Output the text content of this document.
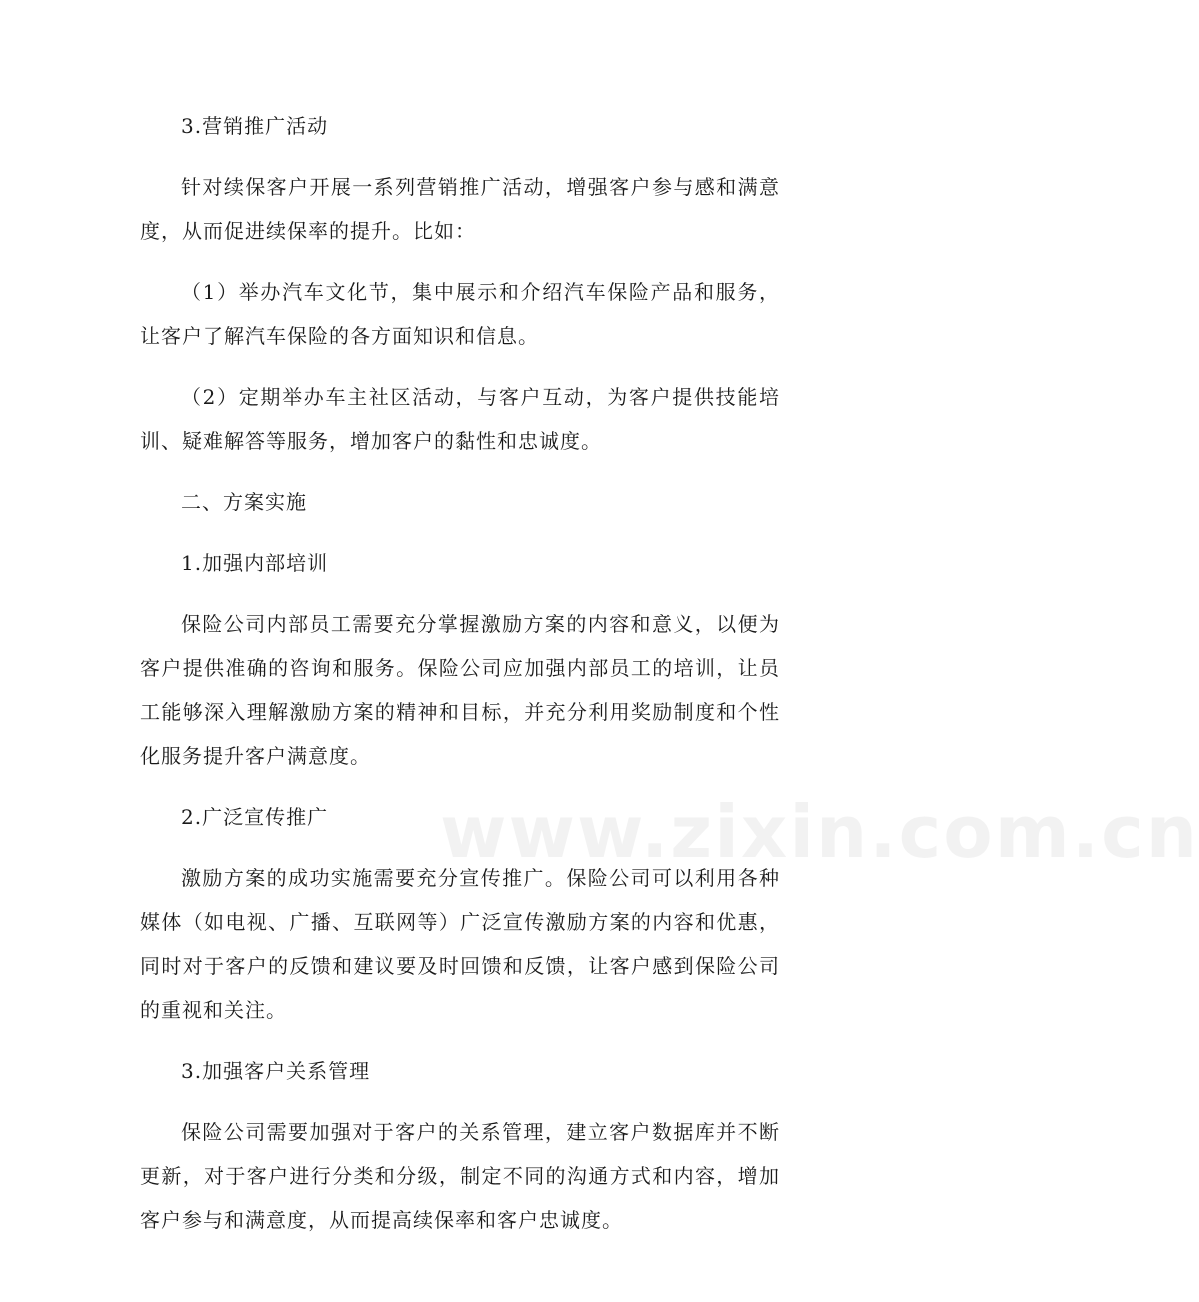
www.zixin.com.cn

3.营销推广活动

针对续保客户开展一系列营销推广活动，增强客户参与感和满意度，从而促进续保率的提升。比如：

（1）举办汽车文化节，集中展示和介绍汽车保险产品和服务，让客户了解汽车保险的各方面知识和信息。

（2）定期举办车主社区活动，与客户互动，为客户提供技能培训、疑难解答等服务，增加客户的黏性和忠诚度。

二、方案实施

1.加强内部培训

保险公司内部员工需要充分掌握激励方案的内容和意义，以便为客户提供准确的咨询和服务。保险公司应加强内部员工的培训，让员工能够深入理解激励方案的精神和目标，并充分利用奖励制度和个性化服务提升客户满意度。

2.广泛宣传推广

激励方案的成功实施需要充分宣传推广。保险公司可以利用各种媒体（如电视、广播、互联网等）广泛宣传激励方案的内容和优惠，同时对于客户的反馈和建议要及时回馈和反馈，让客户感到保险公司的重视和关注。

3.加强客户关系管理

保险公司需要加强对于客户的关系管理，建立客户数据库并不断更新，对于客户进行分类和分级，制定不同的沟通方式和内容，增加客户参与和满意度，从而提高续保率和客户忠诚度。
